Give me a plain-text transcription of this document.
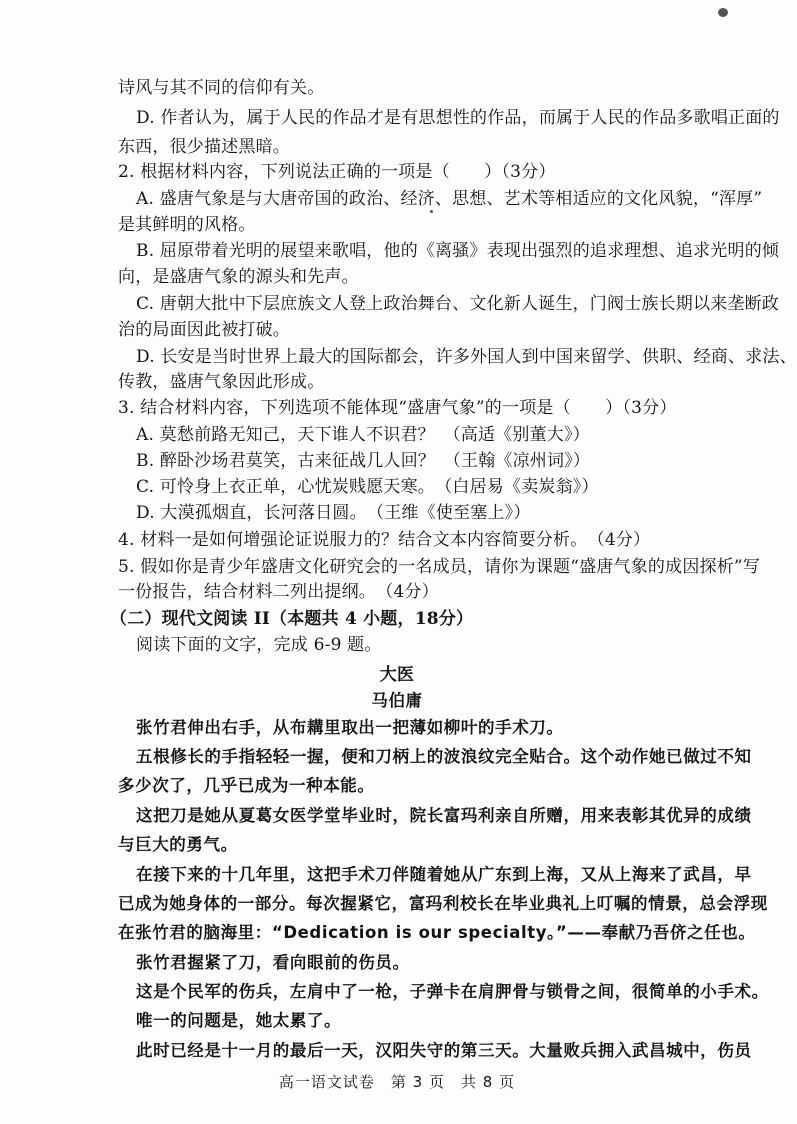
诗风与其不同的信仰有关。
D. 作者认为，属于人民的作品才是有思想性的作品，而属于人民的作品多歌唱正面的
东西，很少描述黑暗。
2. 根据材料内容，下列说法正确的一项是（　　）（3分）
A. 盛唐气象是与大唐帝国的政治、经济、思想、艺术等相适应的文化风貌，“浑厚”
是其鲜明的风格。
B. 屈原带着光明的展望来歌唱，他的《离骚》表现出强烈的追求理想、追求光明的倾
向，是盛唐气象的源头和先声。
C. 唐朝大批中下层庶族文人登上政治舞台、文化新人诞生，门阀士族长期以来垄断政
治的局面因此被打破。
D. 长安是当时世界上最大的国际都会，许多外国人到中国来留学、供职、经商、求法、
传教，盛唐气象因此形成。
3. 结合材料内容，下列选项不能体现“盛唐气象”的一项是（　　）（3分）
A. 莫愁前路无知己，天下谁人不识君？　（高适《别董大》）
B. 醉卧沙场君莫笑，古来征战几人回？　（王翰《凉州词》）
C. 可怜身上衣正单，心忧炭贱愿天寒。　（白居易《卖炭翁》）
D. 大漠孤烟直，长河落日圆。　（王维《使至塞上》）
4. 材料一是如何增强论证说服力的？结合文本内容简要分析。　（4分）
5. 假如你是青少年盛唐文化研究会的一名成员，请你为课题“盛唐气象的成因探析”写
一份报告，结合材料二列出提纲。　（4分）
（二）现代文阅读 II（本题共 4 小题，18分）
阅读下面的文字，完成 6-9 题。
大医
马伯庸
张竹君伸出右手，从布耩里取出一把薄如柳叶的手术刀。
五根修长的手指轻轻一握，便和刀柄上的波浪纹完全贴合。这个动作她已做过不知
多少次了，几乎已成为一种本能。
这把刀是她从夏葛女医学堂毕业时，院长富玛利亲自所赠，用来表彰其优异的成绩
与巨大的勇气。
在接下来的十几年里，这把手术刀伴随着她从广东到上海，又从上海来了武昌，早
已成为她身体的一部分。每次握紧它，富玛利校长在毕业典礼上叮嘱的情景，总会浮现
在张竹君的脑海里：“Dedication is our specialty。”——奉献乃吾侪之任也。
张竹君握紧了刀，看向眼前的伤员。
这是个民军的伤兵，左肩中了一枪，子弹卡在肩胛骨与锁骨之间，很简单的小手术。
唯一的问题是，她太累了。
此时已经是十一月的最后一天，汉阳失守的第三天。大量败兵拥入武昌城中，伤员
高一语文试卷　第 3 页　共 8 页
